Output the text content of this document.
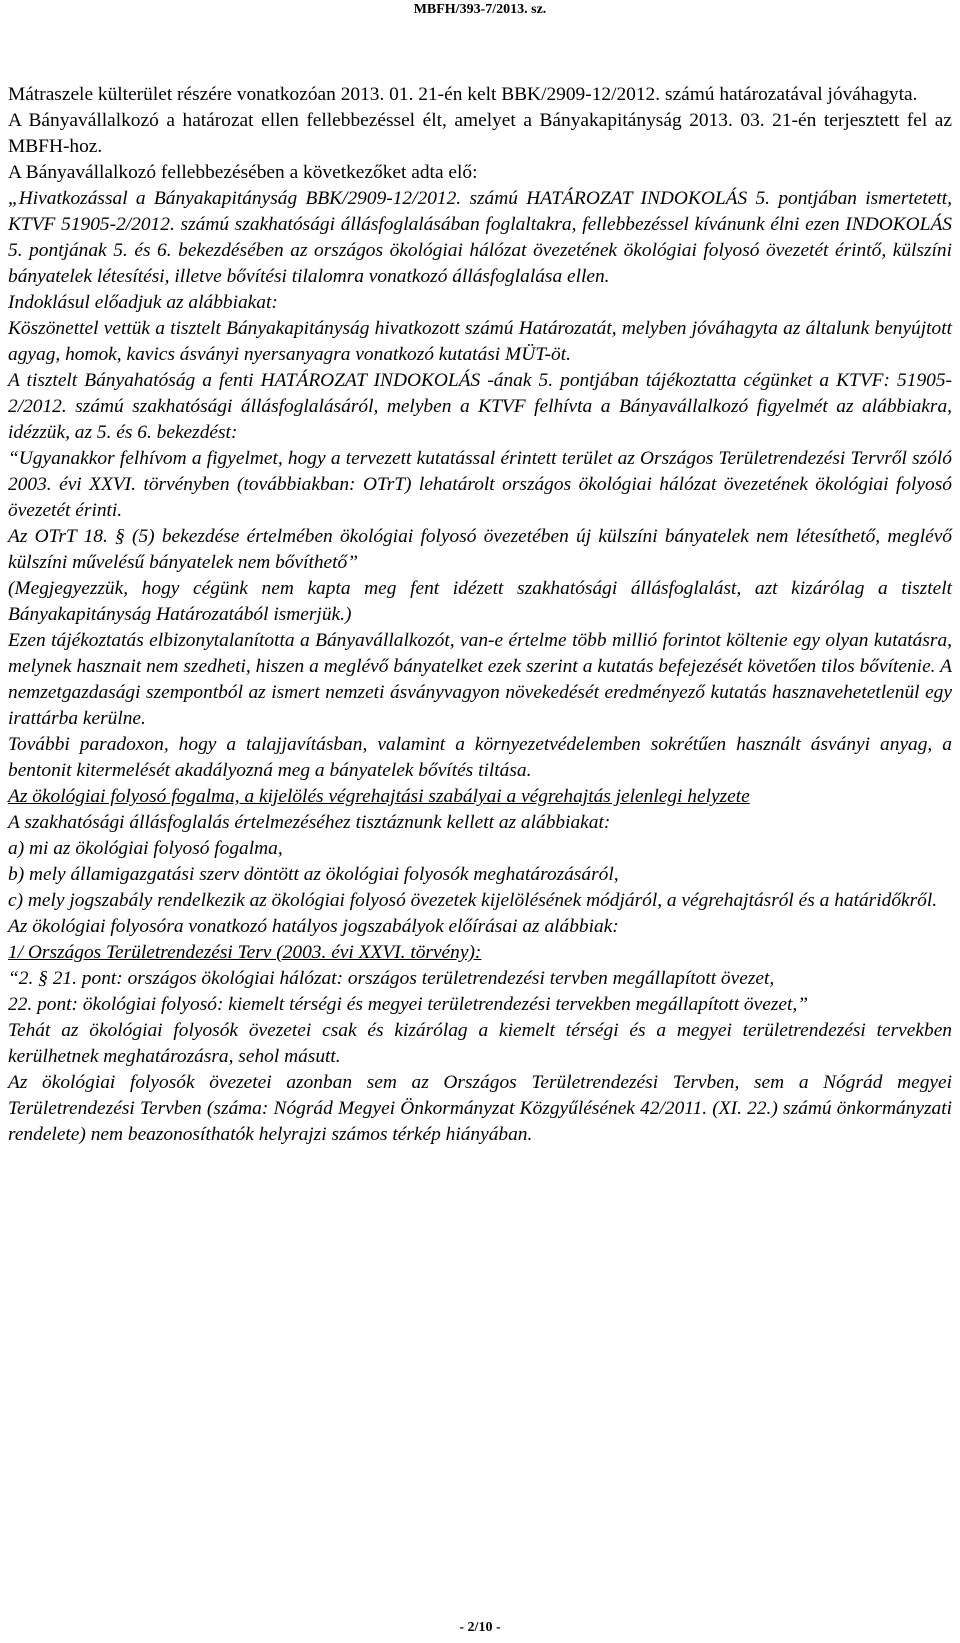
MBFH/393-7/2013. sz.

Mátraszele külterület részére vonatkozóan 2013. 01. 21-én kelt BBK/2909-12/2012. számú határozatával jóváhagyta.

A Bányavállalkozó a határozat ellen fellebbezéssel élt, amelyet a Bányakapitányság 2013. 03. 21-én terjesztett fel az MBFH-hoz.

A Bányavállalkozó fellebbezésében a következőket adta elő:

„Hivatkozással a Bányakapitányság BBK/2909-12/2012. számú HATÁROZAT INDOKOLÁS 5. pontjában ismertetett, KTVF 51905-2/2012. számú szakhatósági állásfoglalásában foglaltakra, fellebbezéssel kívánunk élni ezen INDOKOLÁS 5. pontjának 5. és 6. bekezdésében az országos ökológiai hálózat övezetének ökológiai folyosó övezetét érintő, külszíni bányatelek létesítési, illetve bővítési tilalomra vonatkozó állásfoglalása ellen.

Indoklásul előadjuk az alábbiakat:

Köszönettel vettük a tisztelt Bányakapitányság hivatkozott számú Határozatát, melyben jóváhagyta az általunk benyújtott agyag, homok, kavics ásványi nyersanyagra vonatkozó kutatási MÜT-öt.

A tisztelt Bányahatóság a fenti HATÁROZAT INDOKOLÁS -ának 5. pontjában tájékoztatta cégünket a KTVF: 51905-2/2012. számú szakhatósági állásfoglalásáról, melyben a KTVF felhívta a Bányavállalkozó figyelmét az alábbiakra, idézzük, az 5. és 6. bekezdést:

“Ugyanakkor felhívom a figyelmet, hogy a tervezett kutatással érintett terület az Országos Területrendezési Tervről szóló 2003. évi XXVI. törvényben (továbbiakban: OTrT) lehatárolt országos ökológiai hálózat övezetének ökológiai folyosó övezetét érinti.

Az OTrT 18. § (5) bekezdése értelmében ökológiai folyosó övezetében új külszíni bányatelek nem létesíthető, meglévő külszíni művelésű bányatelek nem bővíthető”

(Megjegyezzük, hogy cégünk nem kapta meg fent idézett szakhatósági állásfoglalást, azt kizárólag a tisztelt Bányakapitányság Határozatából ismerjük.)

Ezen tájékoztatás elbizonytalanította a Bányavállalkozót, van-e értelme több millió forintot költenie egy olyan kutatásra, melynek hasznait nem szedheti, hiszen a meglévő bányatelket ezek szerint a kutatás befejezését követően tilos bővítenie. A nemzetgazdasági szempontból az ismert nemzeti ásványvagyon növekedését eredményező kutatás hasznavehetetlenül egy irattárba kerülne.

További paradoxon, hogy a talajjavításban, valamint a környezetvédelemben sokrétűen használt ásványi anyag, a bentonit kitermelését akadályozná meg a bányatelek bővítés tiltása.

Az ökológiai folyosó fogalma, a kijelölés végrehajtási szabályai a végrehajtás jelenlegi helyzete

A szakhatósági állásfoglalás értelmezéséhez tisztáznunk kellett az alábbiakat:

a) mi az ökológiai folyosó fogalma,

b) mely államigazgatási szerv döntött az ökológiai folyosók meghatározásáról,

c) mely jogszabály rendelkezik az ökológiai folyosó övezetek kijelölésének módjáról, a végrehajtásról és a határidőkről.

Az ökológiai folyosóra vonatkozó hatályos jogszabályok előírásai az alábbiak:

1/ Országos Területrendezési Terv (2003. évi XXVI. törvény):

“2. § 21. pont: országos ökológiai hálózat: országos területrendezési tervben megállapított övezet,

22. pont: ökológiai folyosó: kiemelt térségi és megyei területrendezési tervekben megállapított övezet,”

Tehát az ökológiai folyosók övezetei csak és kizárólag a kiemelt térségi és a megyei területrendezési tervekben kerülhetnek meghatározásra, sehol másutt.

Az ökológiai folyosók övezetei azonban sem az Országos Területrendezési Tervben, sem a Nógrád megyei Területrendezési Tervben (száma: Nógrád Megyei Önkormányzat Közgyűlésének 42/2011. (XI. 22.) számú önkormányzati rendelete) nem beazonosíthatók helyrajzi számos térkép hiányában.

- 2/10 -
